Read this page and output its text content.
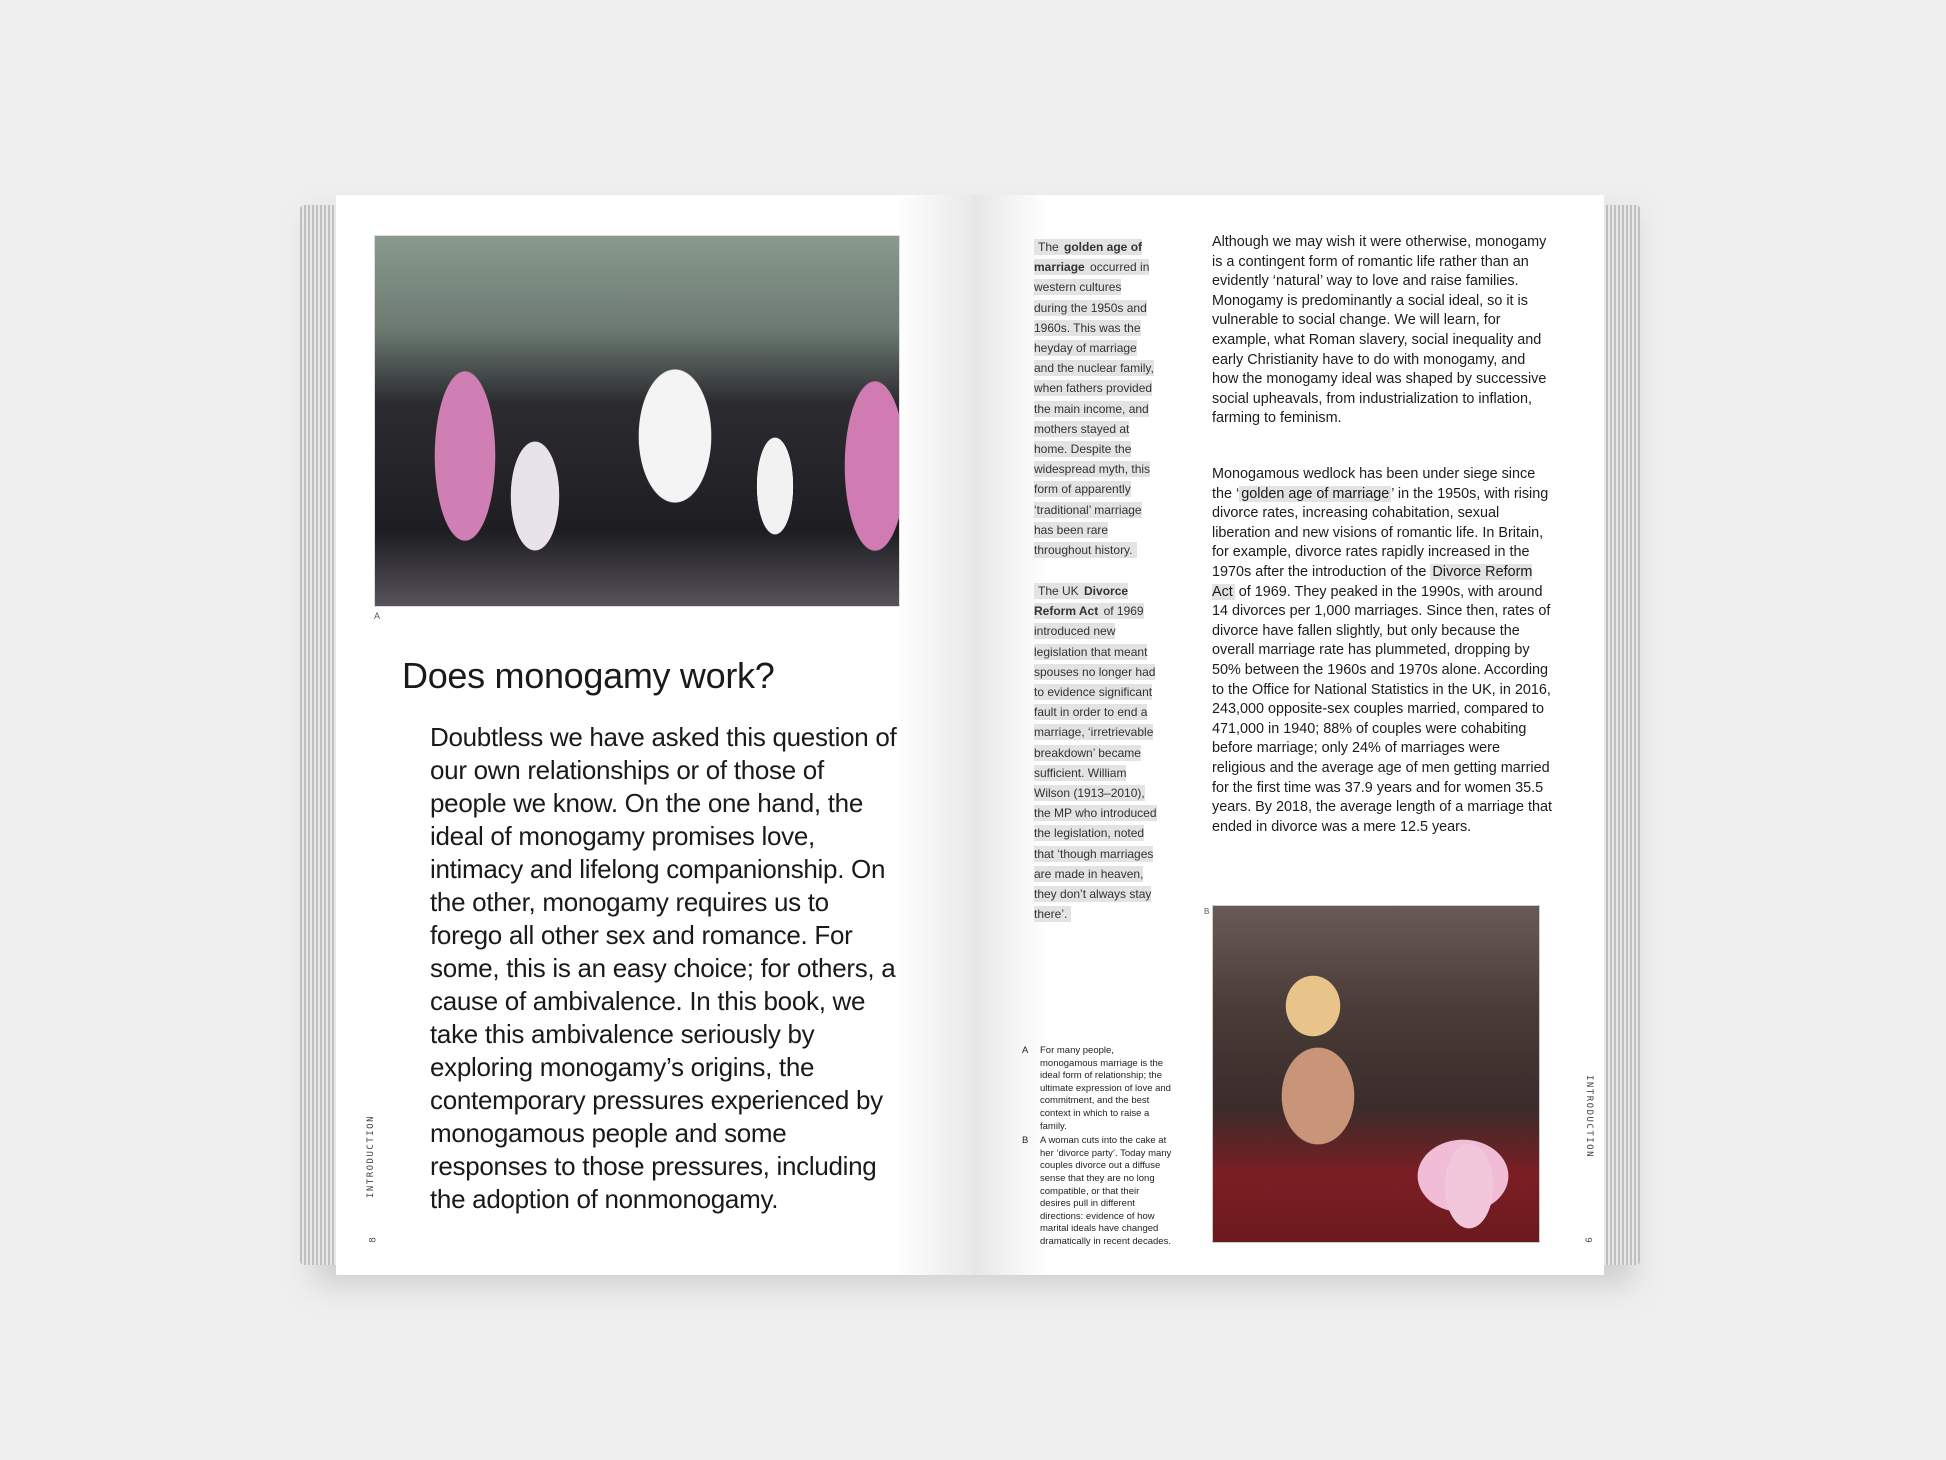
A
Does monogamy work?

Doubtless we have asked this question of our own relationships or of those of people we know. On the one hand, the ideal of monogamy promises love, intimacy and lifelong companionship. On the other, monogamy requires us to forego all other sex and romance. For some, this is an easy choice; for others, a cause of ambivalence. In this book, we take this ambivalence seriously by exploring monogamy’s origins, the contemporary pressures experienced by monogamous people and some responses to those pressures, including the adoption of nonmonogamy.

INTRODUCTION
8
The golden age of marriage occurred in western cultures during the 1950s and 1960s. This was the heyday of marriage and the nuclear family, when fathers provided the main income, and mothers stayed at home. Despite the widespread myth, this form of apparently ‘traditional’ marriage has been rare throughout history.
The UK Divorce Reform Act of 1969 introduced new legislation that meant spouses no longer had to evidence significant fault in order to end a marriage, ‘irretrievable breakdown’ became sufficient. William Wilson (1913–2010), the MP who introduced the legislation, noted that ‘though marriages are made in heaven, they don’t always stay there’.

Although we may wish it were otherwise, monogamy is a contingent form of romantic life rather than an evidently ‘natural’ way to love and raise families. Monogamy is predominantly a social ideal, so it is vulnerable to social change. We will learn, for example, what Roman slavery, social inequality and early Christianity have to do with monogamy, and how the monogamy ideal was shaped by successive social upheavals, from industrialization to inflation, farming to feminism.

Monogamous wedlock has been under siege since the ‘ golden age of marriage ’ in the 1950s, with rising divorce rates, increasing cohabitation, sexual liberation and new visions of romantic life. In Britain, for example, divorce rates rapidly increased in the 1970s after the introduction of the Divorce Reform Act of 1969. They peaked in the 1990s, with around 14 divorces per 1,000 marriages. Since then, rates of divorce have fallen slightly, but only because the overall marriage rate has plummeted, dropping by 50% between the 1960s and 1970s alone. According to the Office for National Statistics in the UK, in 2016, 243,000 opposite-sex couples married, compared to 471,000 in 1940; 88% of couples were cohabiting before marriage; only 24% of marriages were religious and the average age of men getting married for the first time was 37.9 years and for women 35.5 years. By 2018, the average length of a marriage that ended in divorce was a mere 12.5 years.

B

A For many people, monogamous marriage is the ideal form of relationship; the ultimate expression of love and commitment, and the best context in which to raise a family.

B A woman cuts into the cake at her ‘divorce party’. Today many couples divorce out a diffuse sense that they are no long compatible, or that their desires pull in different directions: evidence of how marital ideals have changed dramatically in recent decades.

INTRODUCTION
9
